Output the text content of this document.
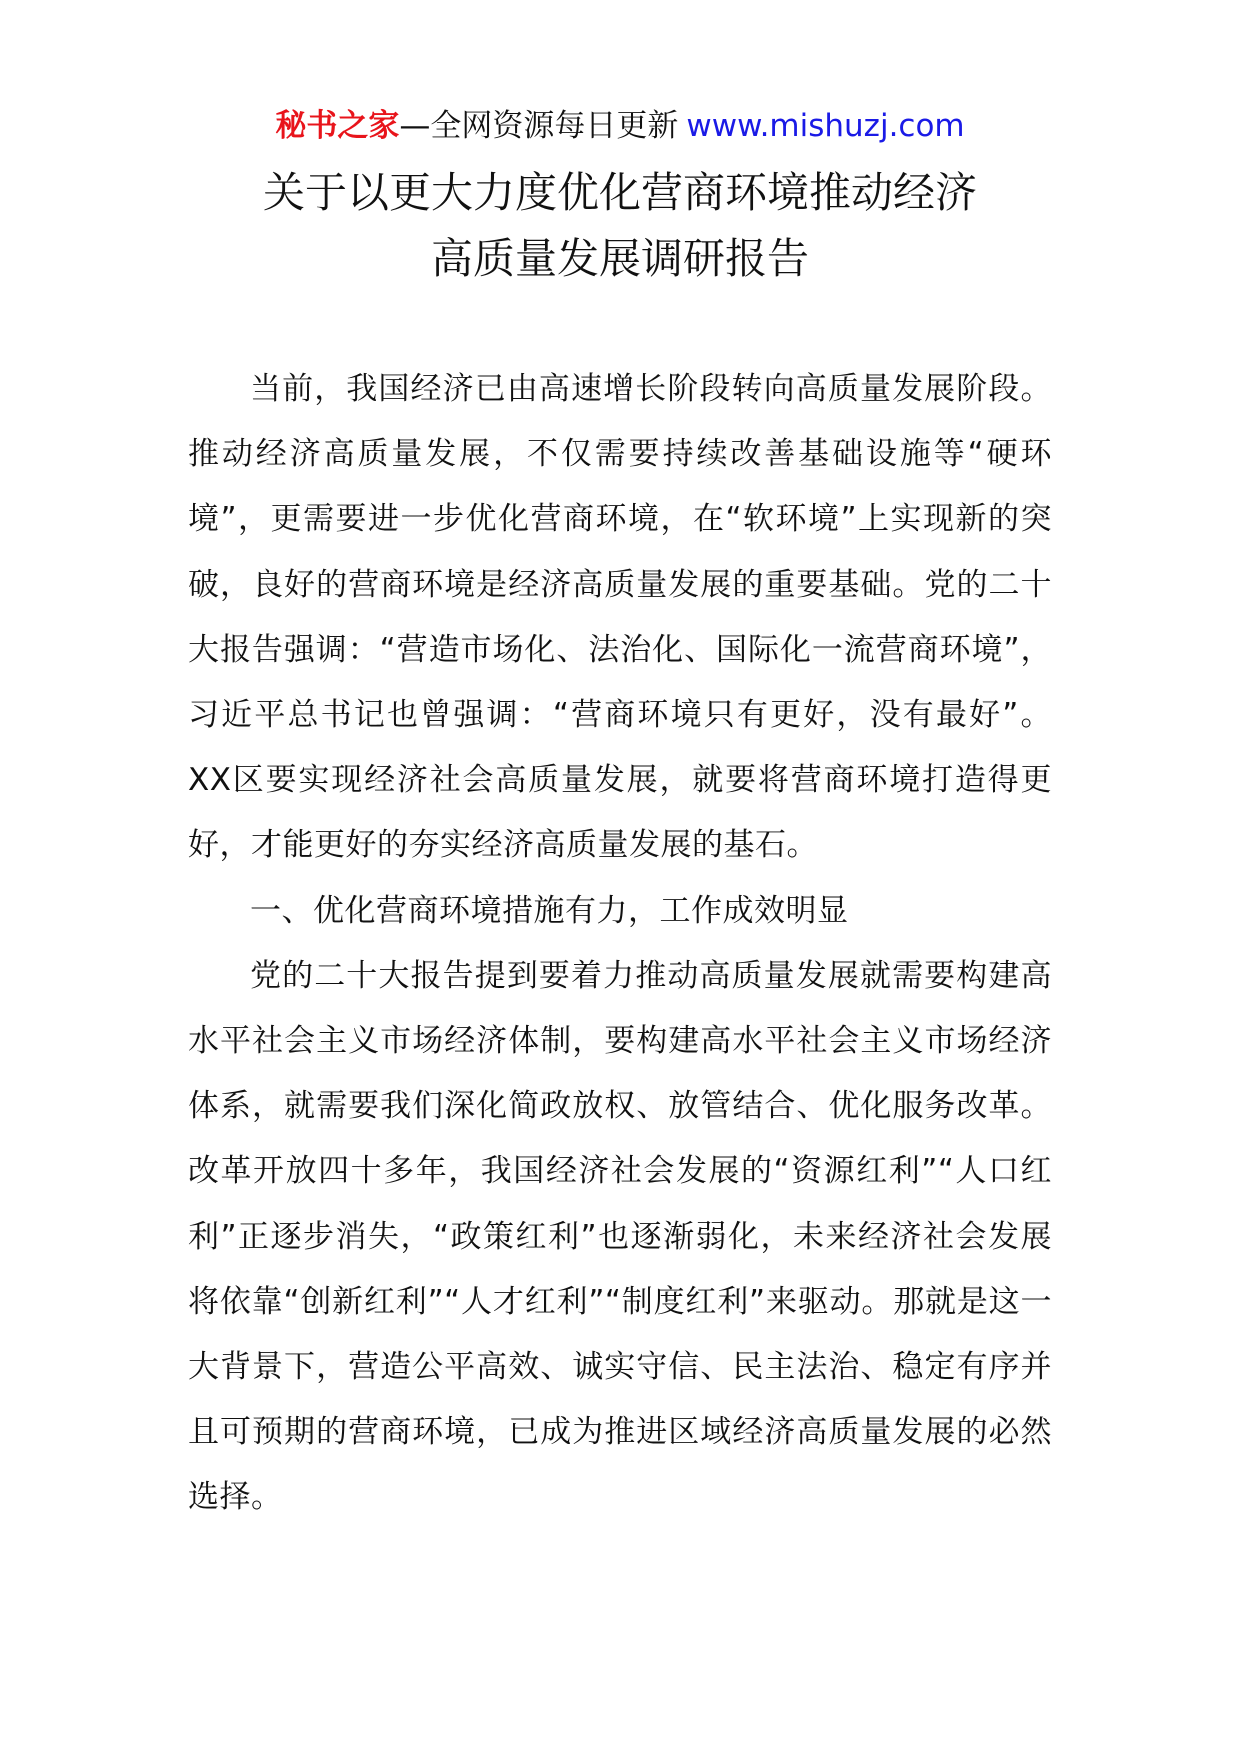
秘书之家—全网资源每日更新 www.mishuzj.com
关于以更大力度优化营商环境推动经济
高质量发展调研报告

当前，我国经济已由高速增长阶段转向高质量发展阶段。推动经济高质量发展，不仅需要持续改善基础设施等“硬环境”，更需要进一步优化营商环境，在“软环境”上实现新的突破，良好的营商环境是经济高质量发展的重要基础。党的二十大报告强调：“营造市场化、法治化、国际化一流营商环境”，习近平总书记也曾强调：“营商环境只有更好，没有最好”。XX区要实现经济社会高质量发展，就要将营商环境打造得更好，才能更好的夯实经济高质量发展的基石。

一、优化营商环境措施有力，工作成效明显

党的二十大报告提到要着力推动高质量发展就需要构建高水平社会主义市场经济体制，要构建高水平社会主义市场经济体系，就需要我们深化简政放权、放管结合、优化服务改革。改革开放四十多年，我国经济社会发展的“资源红利”“人口红利”正逐步消失，“政策红利”也逐渐弱化，未来经济社会发展将依靠“创新红利”“人才红利”“制度红利”来驱动。那就是这一大背景下，营造公平高效、诚实守信、民主法治、稳定有序并且可预期的营商环境，已成为推进区域经济高质量发展的必然选择。
